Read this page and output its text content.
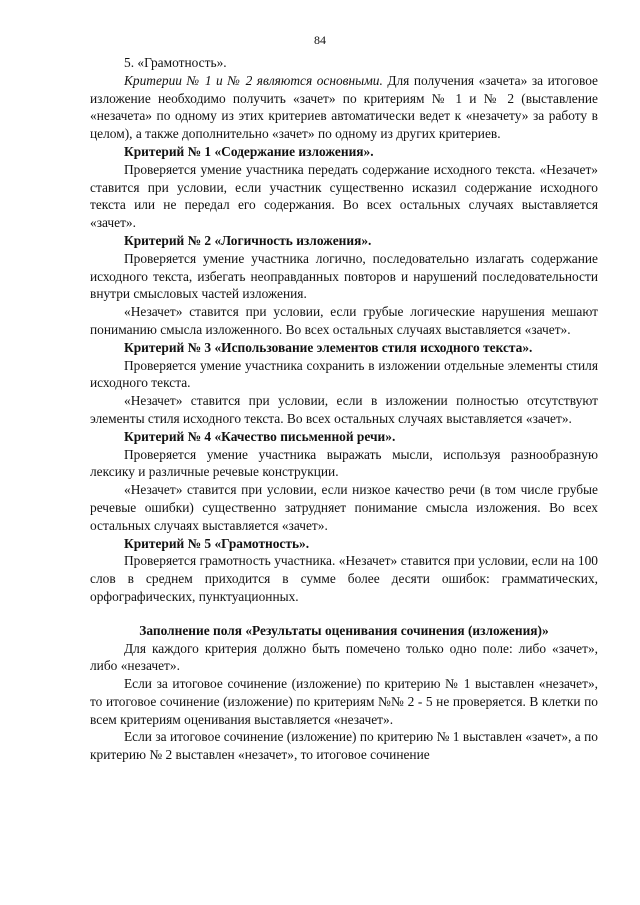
84

5. «Грамотность».

Критерии № 1 и № 2 являются основными. Для получения «зачета» за итоговое изложение необходимо получить «зачет» по критериям № 1 и № 2 (выставление «незачета» по одному из этих критериев автоматически ведет к «незачету» за работу в целом), а также дополнительно «зачет» по одному из других критериев.

Критерий № 1 «Содержание изложения».

Проверяется умение участника передать содержание исходного текста. «Незачет» ставится при условии, если участник существенно исказил содержание исходного текста или не передал его содержания. Во всех остальных случаях выставляется «зачет».

Критерий № 2 «Логичность изложения».

Проверяется умение участника логично, последовательно излагать содержание исходного текста, избегать неоправданных повторов и нарушений последовательности внутри смысловых частей изложения.

«Незачет» ставится при условии, если грубые логические нарушения мешают пониманию смысла изложенного. Во всех остальных случаях выставляется «зачет».

Критерий № 3 «Использование элементов стиля исходного текста».

Проверяется умение участника сохранить в изложении отдельные элементы стиля исходного текста.

«Незачет» ставится при условии, если в изложении полностью отсутствуют элементы стиля исходного текста. Во всех остальных случаях выставляется «зачет».

Критерий № 4 «Качество письменной речи».

Проверяется умение участника выражать мысли, используя разнообразную лексику и различные речевые конструкции.

«Незачет» ставится при условии, если низкое качество речи (в том числе грубые речевые ошибки) существенно затрудняет понимание смысла изложения. Во всех остальных случаях выставляется «зачет».

Критерий № 5 «Грамотность».

Проверяется грамотность участника. «Незачет» ставится при условии, если на 100 слов в среднем приходится в сумме более десяти ошибок: грамматических, орфографических, пунктуационных.

Заполнение поля «Результаты оценивания сочинения (изложения)»

Для каждого критерия должно быть помечено только одно поле: либо «зачет», либо «незачет».

Если за итоговое сочинение (изложение) по критерию № 1 выставлен «незачет», то итоговое сочинение (изложение) по критериям №№ 2 - 5 не проверяется. В клетки по всем критериям оценивания выставляется «незачет».

Если за итоговое сочинение (изложение) по критерию № 1 выставлен «зачет», а по критерию № 2 выставлен «незачет», то итоговое сочинение
